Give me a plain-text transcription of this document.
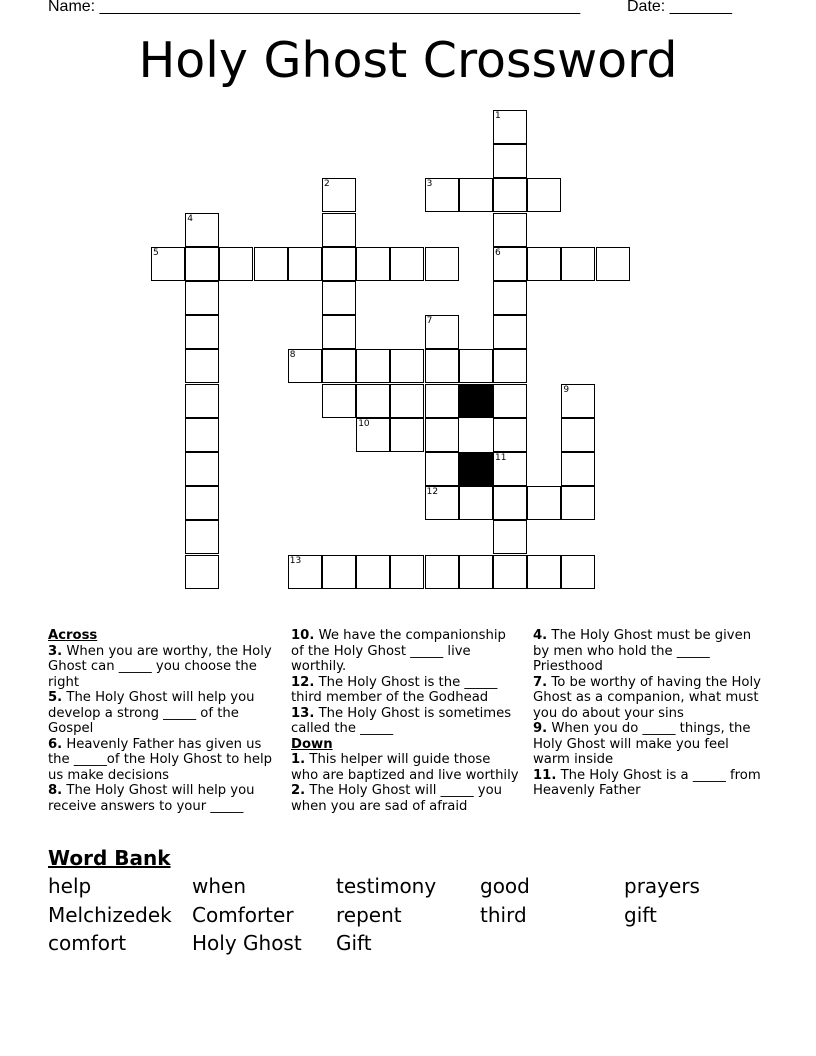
Name: ______________________________________________________	Date: _______
Holy Ghost Crossword
1
6
2	3
4
5
7
8
9
10
11
12
13

Across

3. When you are worthy, the Holy Ghost can _____ you choose the right

5. The Holy Ghost will help you develop a strong _____ of the Gospel

6. Heavenly Father has given us the _____of the Holy Ghost to help us make decisions

8. The Holy Ghost will help you receive answers to your _____

10. We have the companionship of the Holy Ghost _____ live worthily.

12. The Holy Ghost is the _____ third member of the Godhead

13. The Holy Ghost is sometimes called the _____

Down

1. This helper will guide those who are baptized and live worthily

2. The Holy Ghost will _____ you when you are sad of afraid

4. The Holy Ghost must be given by men who hold the _____ Priesthood

7. To be worthy of having the Holy Ghost as a companion, what must you do about your sins

9. When you do _____ things, the Holy Ghost will make you feel warm inside

11. The Holy Ghost is a _____ from Heavenly Father

Word Bank
help	when	testimony good	prayers
Melchizedek Comforter repent	third	gift
comfort	Holy Ghost Gift
